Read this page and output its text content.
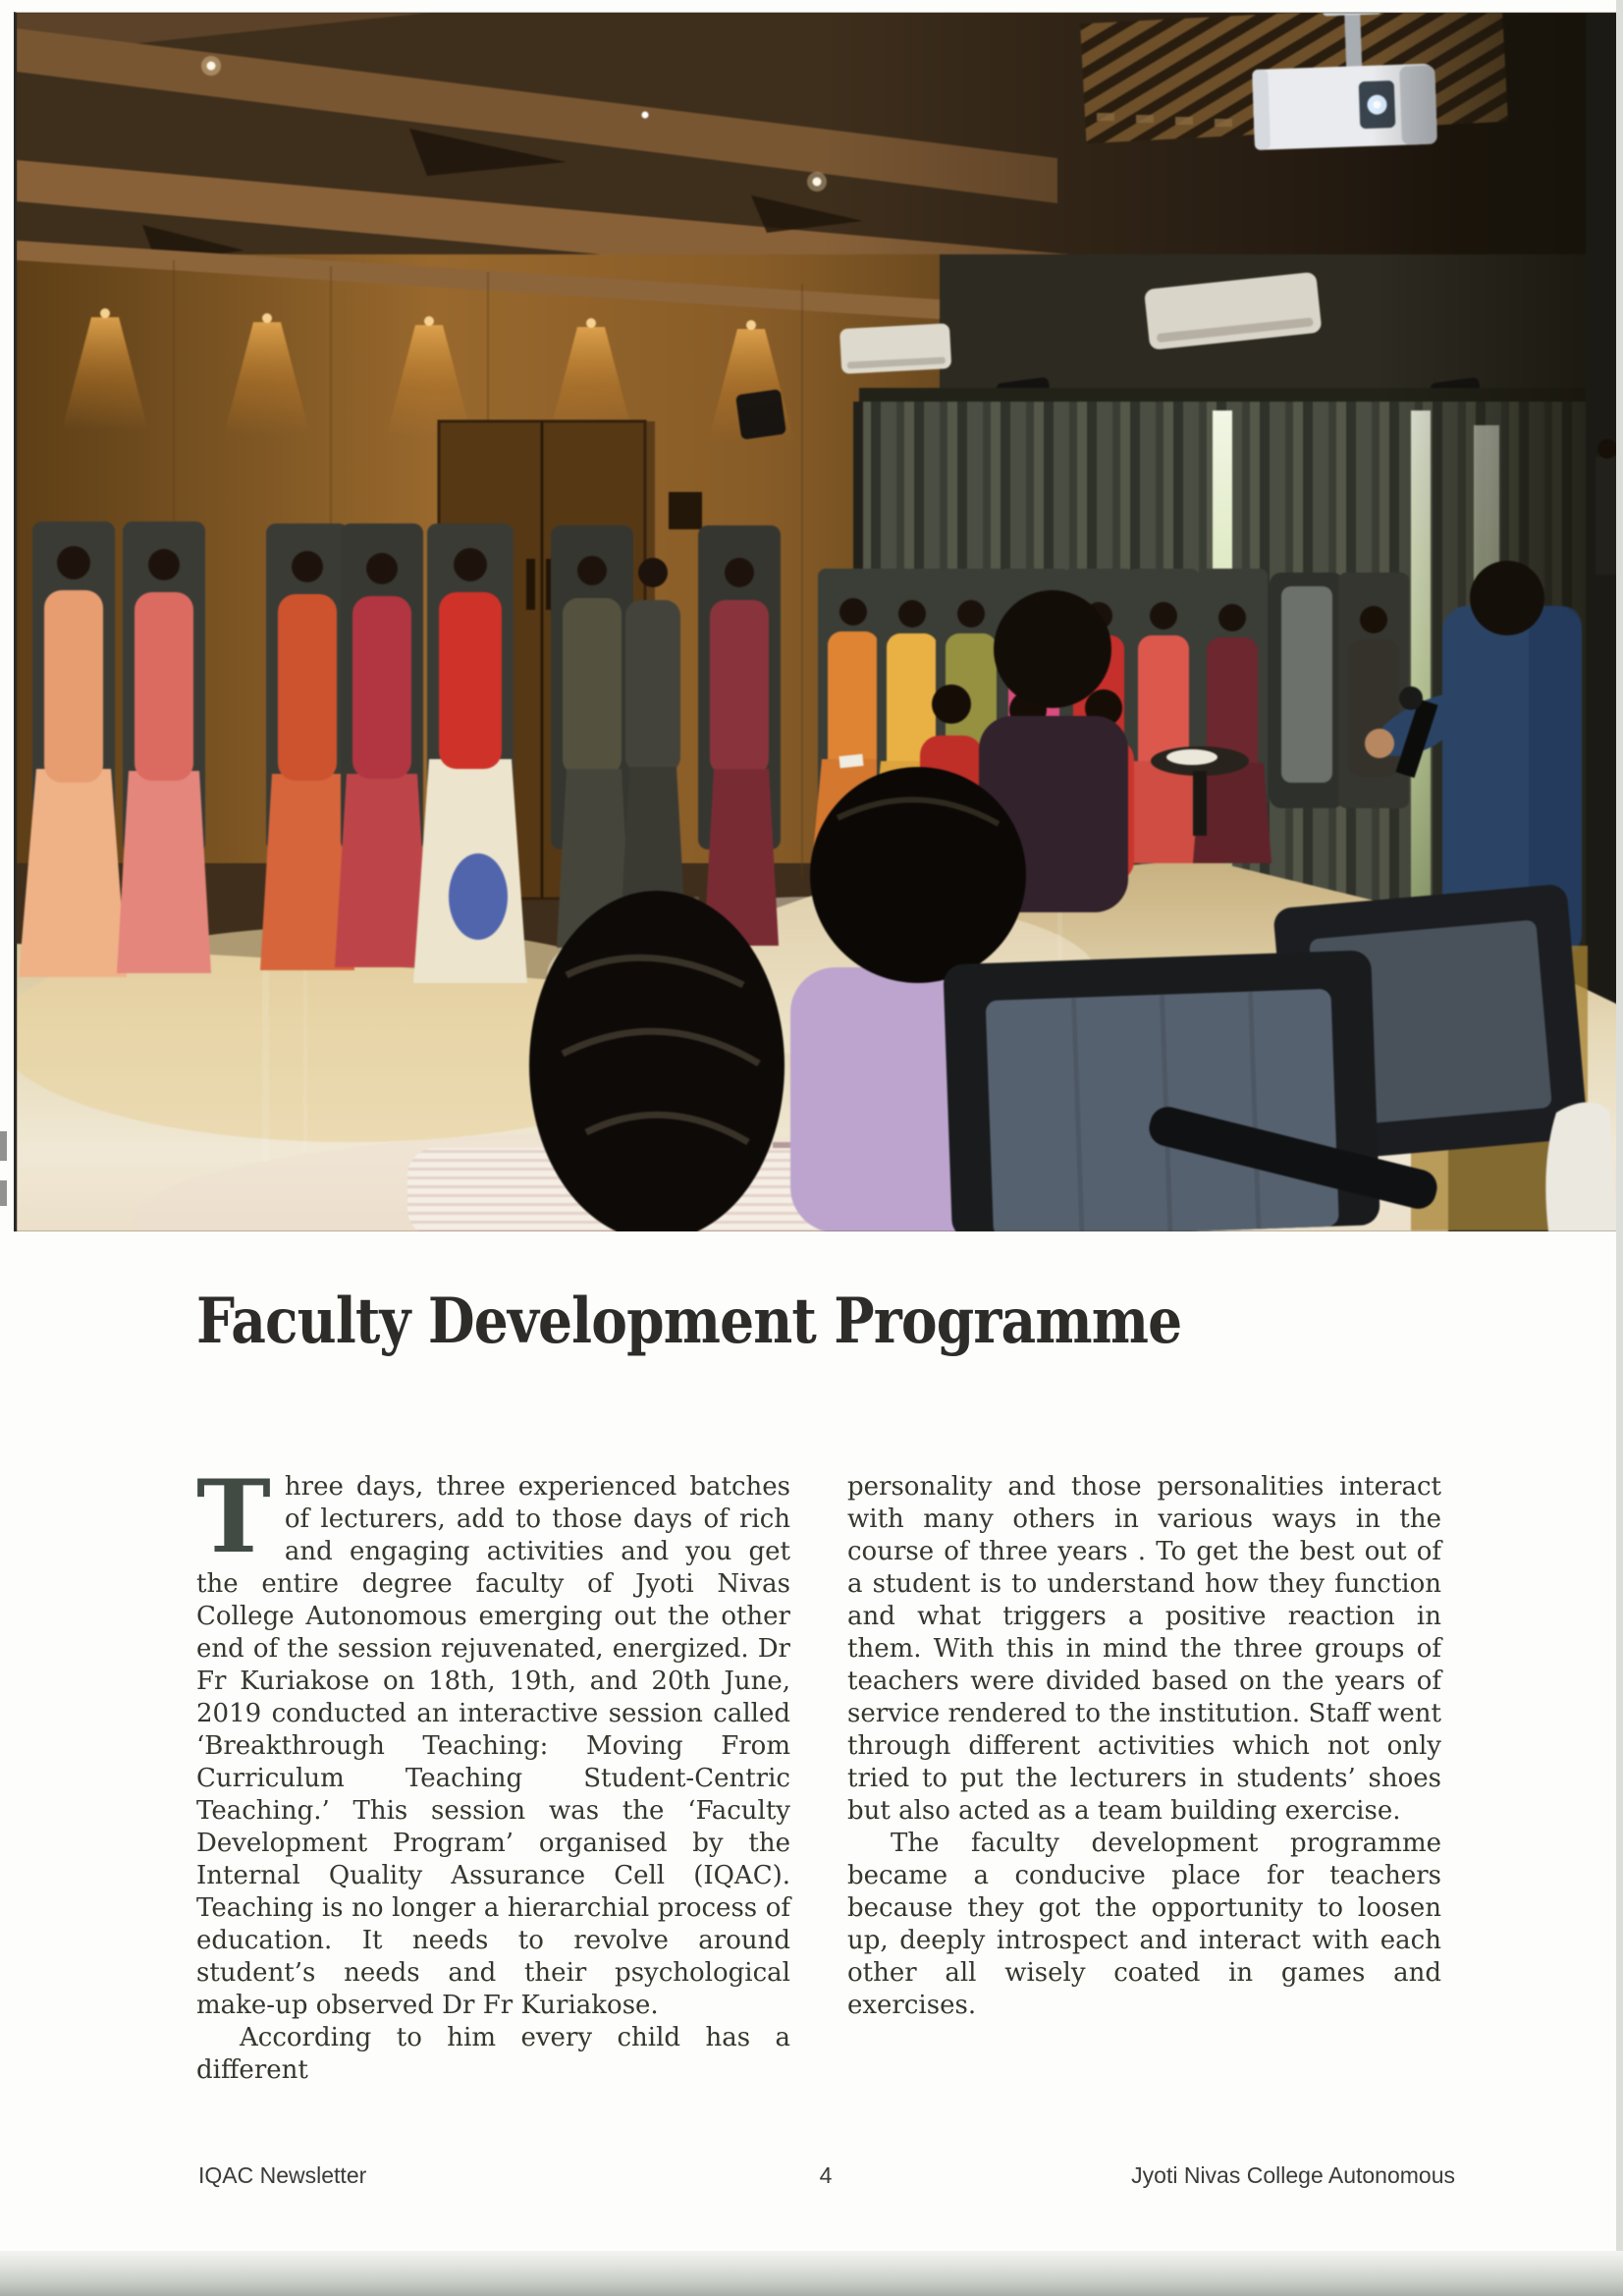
Faculty Development Programme

Three days, three experienced batches of lecturers, add to those days of rich and engaging activities and you get the entire degree faculty of Jyoti Nivas College Autonomous emerging out the other end of the session rejuvenated, energized. Dr Fr Kuriakose on 18th, 19th, and 20th June, 2019 conducted an interactive session called ‘Breakthrough Teaching: Moving From Curriculum Teaching Student-Centric Teaching.’ This session was the ‘Faculty Development Program’ organised by the Internal Quality Assurance Cell (IQAC). Teaching is no longer a hierarchial process of education. It needs to revolve around student’s needs and their psychological make-up observed Dr Fr Kuriakose.

According to him every child has a different

personality and those personalities interact with many others in various ways in the course of three years . To get the best out of a student is to understand how they function and what triggers a positive reaction in them. With this in mind the three groups of teachers were divided based on the years of service rendered to the institution. Staff went through different activities which not only tried to put the lecturers in students’ shoes but also acted as a team building exercise.

The faculty development programme became a conducive place for teachers because they got the opportunity to loosen up, deeply introspect and interact with each other all wisely coated in games and exercises.

IQAC Newsletter	4	Jyoti Nivas College Autonomous
